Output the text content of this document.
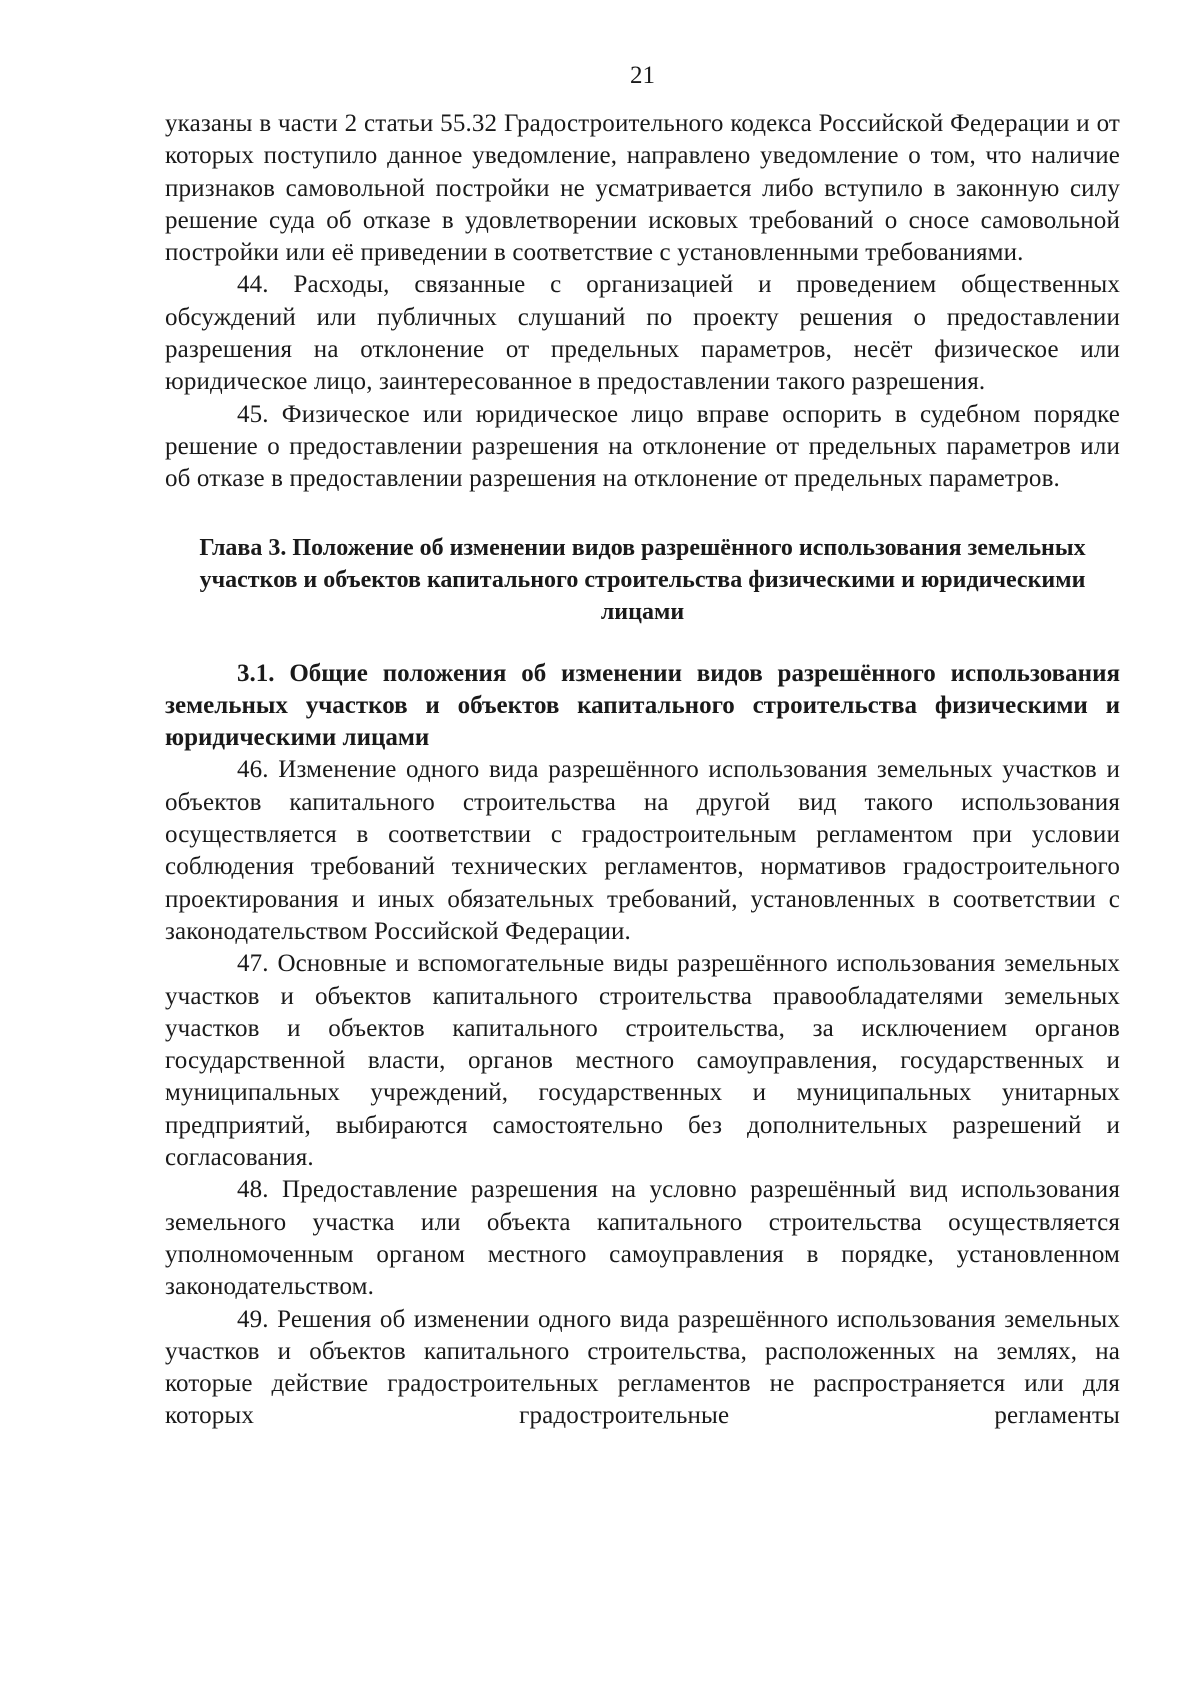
21

указаны в части 2 статьи 55.32 Градостроительного кодекса Российской Федерации и от которых поступило данное уведомление, направлено уведомление о том, что наличие признаков самовольной постройки не усматривается либо вступило в законную силу решение суда об отказе в удовлетворении исковых требований о сносе самовольной постройки или её приведении в соответствие с установленными требованиями.

44. Расходы, связанные с организацией и проведением общественных обсуждений или публичных слушаний по проекту решения о предоставлении разрешения на отклонение от предельных параметров, несёт физическое или юридическое лицо, заинтересованное в предоставлении такого разрешения.

45. Физическое или юридическое лицо вправе оспорить в судебном порядке решение о предоставлении разрешения на отклонение от предельных параметров или об отказе в предоставлении разрешения на отклонение от предельных параметров.

Глава 3. Положение об изменении видов разрешённого использования земельных участков и объектов капитального строительства физическими и юридическими лицами
3.1. Общие положения об изменении видов разрешённого использования земельных участков и объектов капитального строительства физическими и юридическими лицами

46. Изменение одного вида разрешённого использования земельных участков и объектов капитального строительства на другой вид такого использования осуществляется в соответствии с градостроительным регламентом при условии соблюдения требований технических регламентов, нормативов градостроительного проектирования и иных обязательных требований, установленных в соответствии с законодательством Российской Федерации.

47. Основные и вспомогательные виды разрешённого использования земельных участков и объектов капитального строительства правообладателями земельных участков и объектов капитального строительства, за исключением органов государственной власти, органов местного самоуправления, государственных и муниципальных учреждений, государственных и муниципальных унитарных предприятий, выбираются самостоятельно без дополнительных разрешений и согласования.

48. Предоставление разрешения на условно разрешённый вид использования земельного участка или объекта капитального строительства осуществляется уполномоченным органом местного самоуправления в порядке, установленном законодательством.

49. Решения об изменении одного вида разрешённого использования земельных участков и объектов капитального строительства, расположенных на землях, на которые действие градостроительных регламентов не распространяется или для которых градостроительные регламенты
